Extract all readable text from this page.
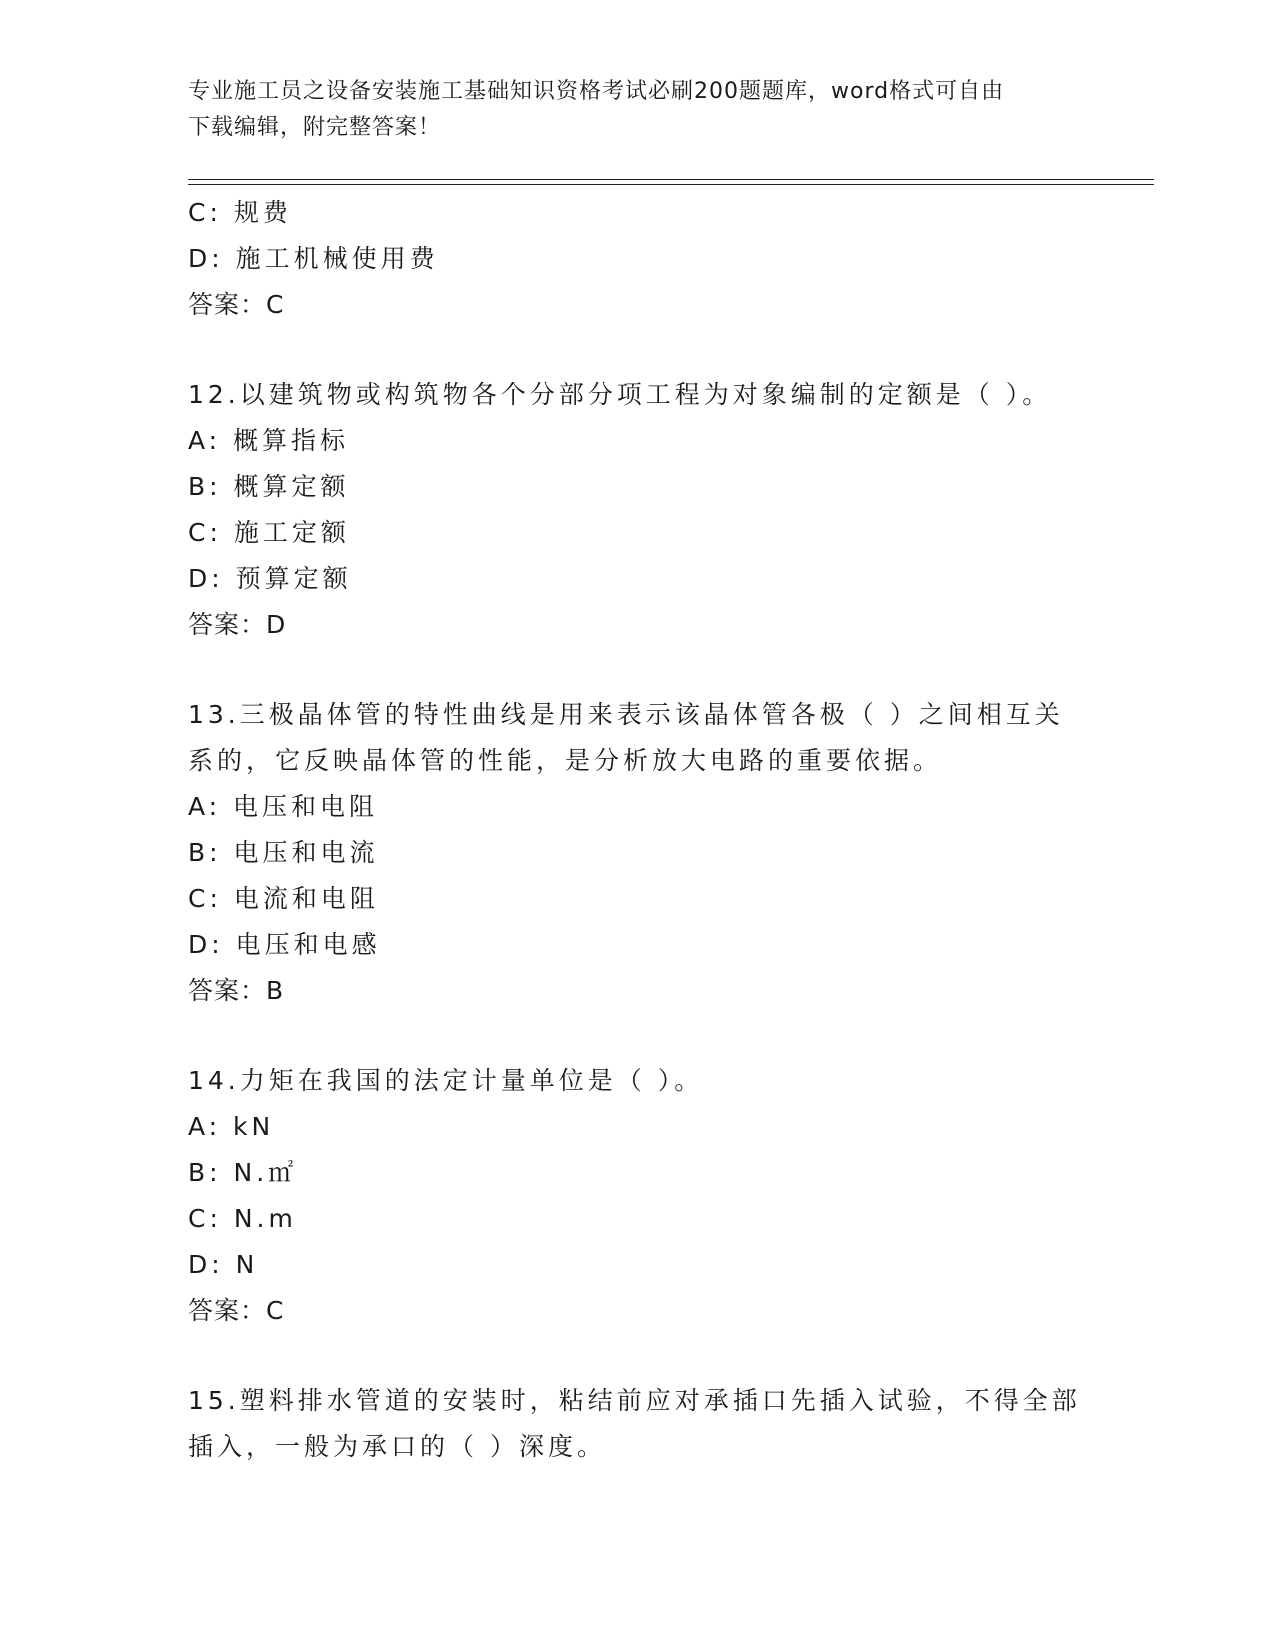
专业施工员之设备安装施工基础知识资格考试必刷200题题库，word格式可自由
下载编辑，附完整答案！
C: 规费
D: 施工机械使用费
答案：C
12.以建筑物或构筑物各个分部分项工程为对象编制的定额是（ ）。
A: 概算指标
B: 概算定额
C: 施工定额
D: 预算定额
答案：D
13.三极晶体管的特性曲线是用来表示该晶体管各极（ ）之间相互关
系的，它反映晶体管的性能，是分析放大电路的重要依据。
A: 电压和电阻
B: 电压和电流
C: 电流和电阻
D: 电压和电感
答案：B
14.力矩在我国的法定计量单位是（ ）。
A: kN
B: N.㎡
C: N.m
D: N
答案：C
15.塑料排水管道的安装时，粘结前应对承插口先插入试验，不得全部
插入，一般为承口的（ ）深度。
